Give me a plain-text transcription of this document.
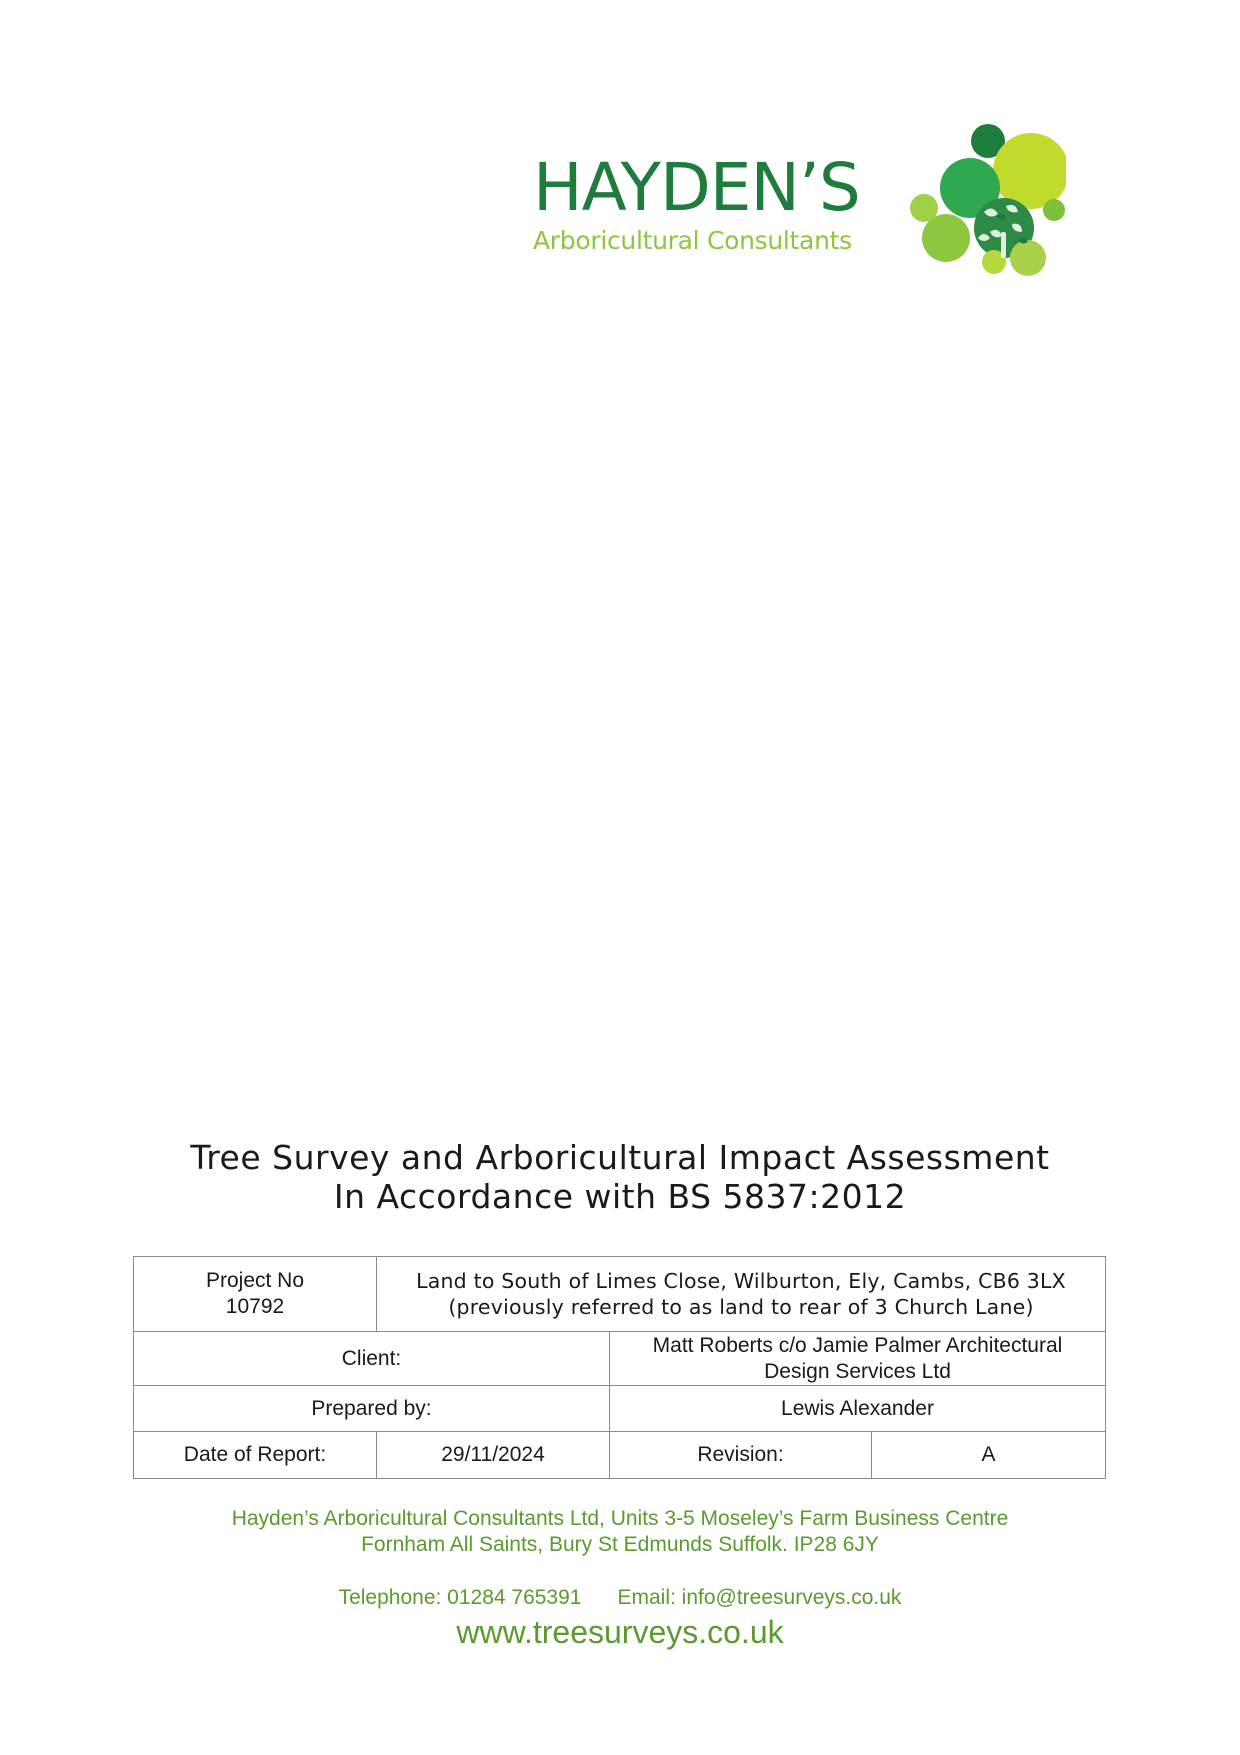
HAYDEN’S
Arboricultural Consultants
Tree Survey and Arboricultural Impact Assessment
In Accordance with BS 5837:2012
Project No
10792	Land to South of Limes Close, Wilburton, Ely, Cambs, CB6 3LX
(previously referred to as land to rear of 3 Church Lane)		

Client:		Matt Roberts c/o Jamie Palmer Architectural
Design Services Ltd	

Prepared by:		Lewis Alexander	
Date of Report:	29/11/2024	Revision:	A
Hayden’s Arboricultural Consultants Ltd, Units 3-5 Moseley’s Farm Business Centre
Fornham All Saints, Bury St Edmunds Suffolk. IP28 6JY
Telephone: 01284 765391 Email: info@treesurveys.co.uk
www.treesurveys.co.uk
